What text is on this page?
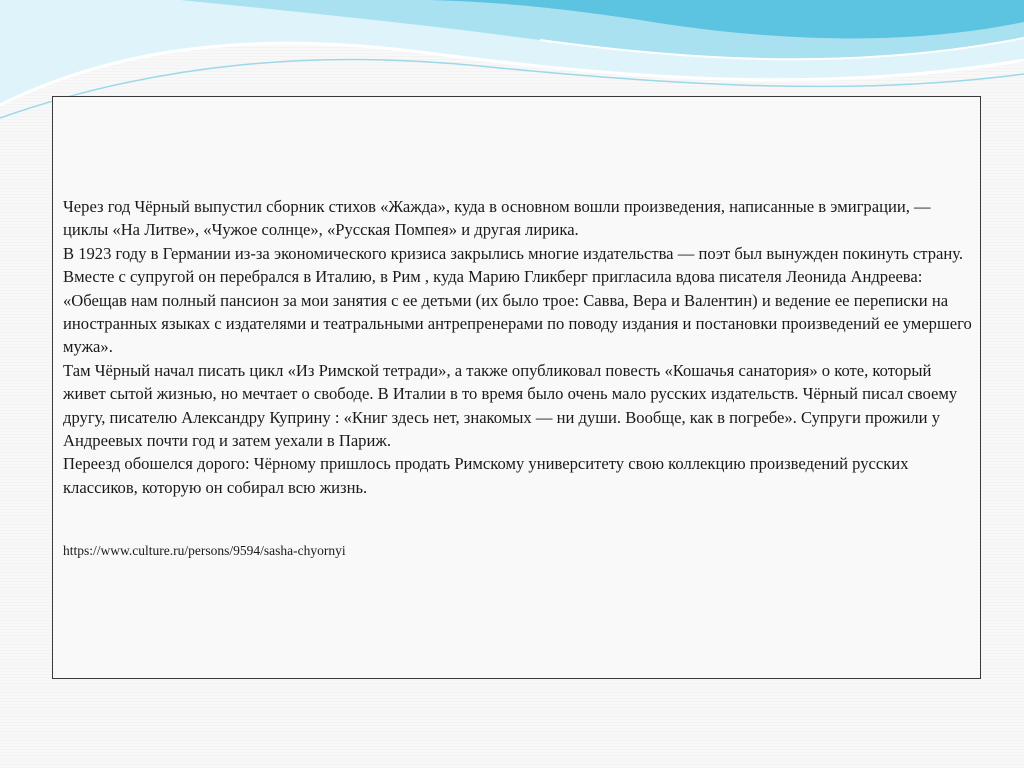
Через год Чёрный выпустил сборник стихов «Жажда», куда в основном вошли произведения, написанные в эмиграции, — циклы «На Литве», «Чужое солнце», «Русская Помпея» и другая лирика.

В 1923 году в Германии из-за экономического кризиса закрылись многие издательства — поэт был вынужден покинуть страну. Вместе с супругой он перебрался в Италию, в Рим , куда Марию Гликберг пригласила вдова писателя Леонида Андреева: «Обещав нам полный пансион за мои занятия с ее детьми (их было трое: Савва, Вера и Валентин) и ведение ее переписки на иностранных языках с издателями и театральными антрепренерами по поводу издания и постановки произведений ее умершего мужа».

Там Чёрный начал писать цикл «Из Римской тетради», а также опубликовал повесть «Кошачья санатория» о коте, который живет сытой жизнью, но мечтает о свободе. В Италии в то время было очень мало русских издательств. Чёрный писал своему другу, писателю Александру Куприну : «Книг здесь нет, знакомых — ни души. Вообще, как в погребе». Супруги прожили у Андреевых почти год и затем уехали в Париж.

Переезд обошелся дорого: Чёрному пришлось продать Римскому университету свою коллекцию произведений русских классиков, которую он собирал всю жизнь.

https://www.culture.ru/persons/9594/sasha-chyornyi
